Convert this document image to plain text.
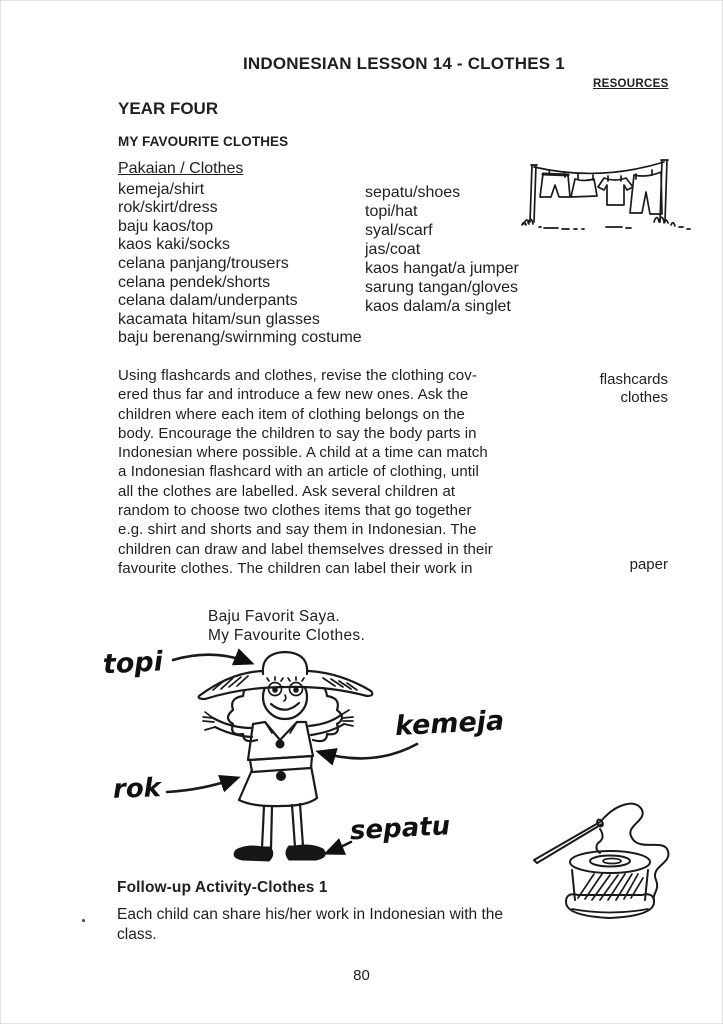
INDONESIAN LESSON 14 - CLOTHES 1
RESOURCES
YEAR FOUR
MY FAVOURITE CLOTHES
Pakaian / Clothes
kemeja/shirt
rok/skirt/dress
baju kaos/top
kaos kaki/socks
celana panjang/trousers
celana pendek/shorts
celana dalam/underpants
kacamata hitam/sun glasses
baju berenang/swirnming costume
sepatu/shoes
topi/hat
syal/scarf
jas/coat
kaos hangat/a jumper
sarung tangan/gloves
kaos dalam/a singlet
Using flashcards and clothes, revise the clothing cov-
ered thus far and introduce a few new ones. Ask the
children where each item of clothing belongs on the
body. Encourage the children to say the body parts in
Indonesian where possible. A child at a time can match
a Indonesian flashcard with an article of clothing, until
all the clothes are labelled. Ask several children at
random to choose two clothes items that go together
e.g. shirt and shorts and say them in Indonesian. The
children can draw and label themselves dressed in their
favourite clothes. The children can label their work in
flashcards
clothes
paper
Baju Favorit Saya.
My Favourite Clothes.
topi
kemeja
rok
sepatu
Follow-up Activity-Clothes 1
Each child can share his/her work in Indonesian with the
class.
80
